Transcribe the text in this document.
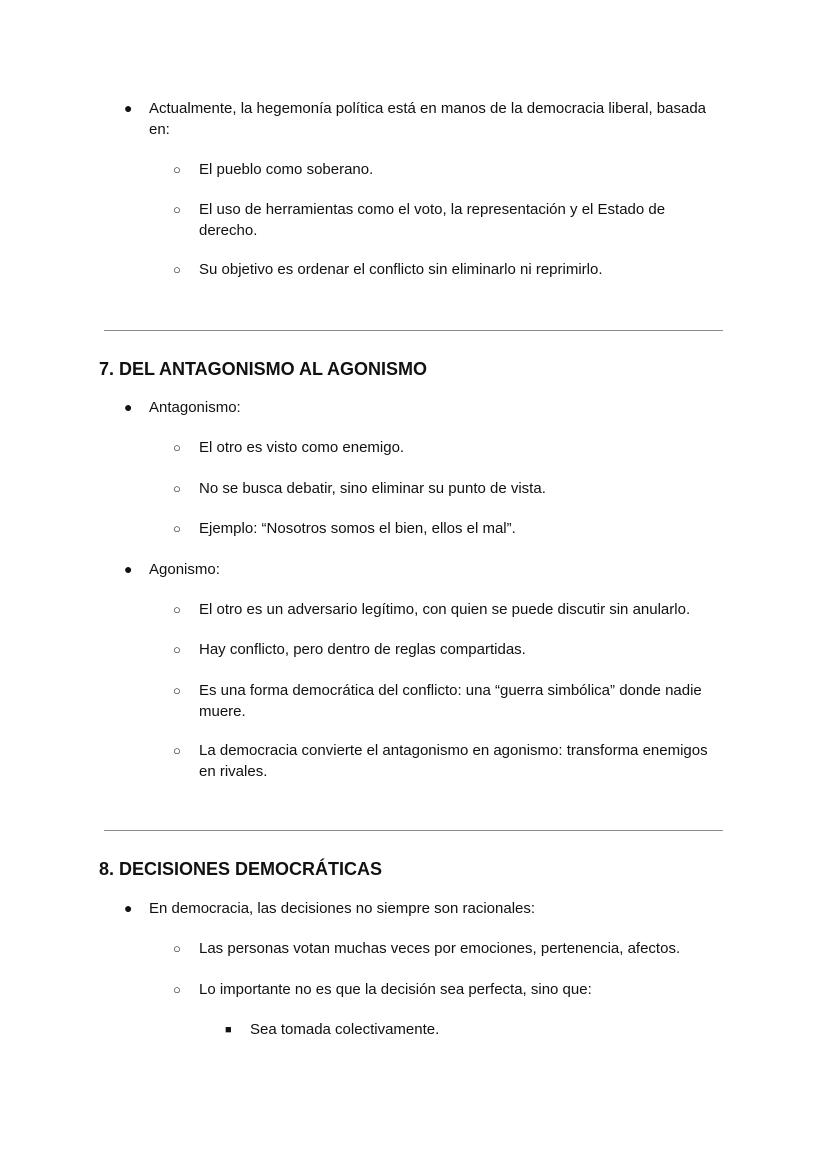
● Actualmente, la hegemonía política está en manos de la democracia liberal, basada en:

○ El pueblo como soberano.

○ El uso de herramientas como el voto, la representación y el Estado de derecho.

○ Su objetivo es ordenar el conflicto sin eliminarlo ni reprimirlo.

7. DEL ANTAGONISMO AL AGONISMO
● Antagonismo:

○ El otro es visto como enemigo.

○ No se busca debatir, sino eliminar su punto de vista.

○ Ejemplo: “Nosotros somos el bien, ellos el mal”.

● Agonismo:

○ El otro es un adversario legítimo, con quien se puede discutir sin anularlo.

○ Hay conflicto, pero dentro de reglas compartidas.

○ Es una forma democrática del conflicto: una “guerra simbólica” donde nadie muere.

○ La democracia convierte el antagonismo en agonismo: transforma enemigos en rivales.

8. DECISIONES DEMOCRÁTICAS
● En democracia, las decisiones no siempre son racionales:

○ Las personas votan muchas veces por emociones, pertenencia, afectos.

○ Lo importante no es que la decisión sea perfecta, sino que:

■ Sea tomada colectivamente.
